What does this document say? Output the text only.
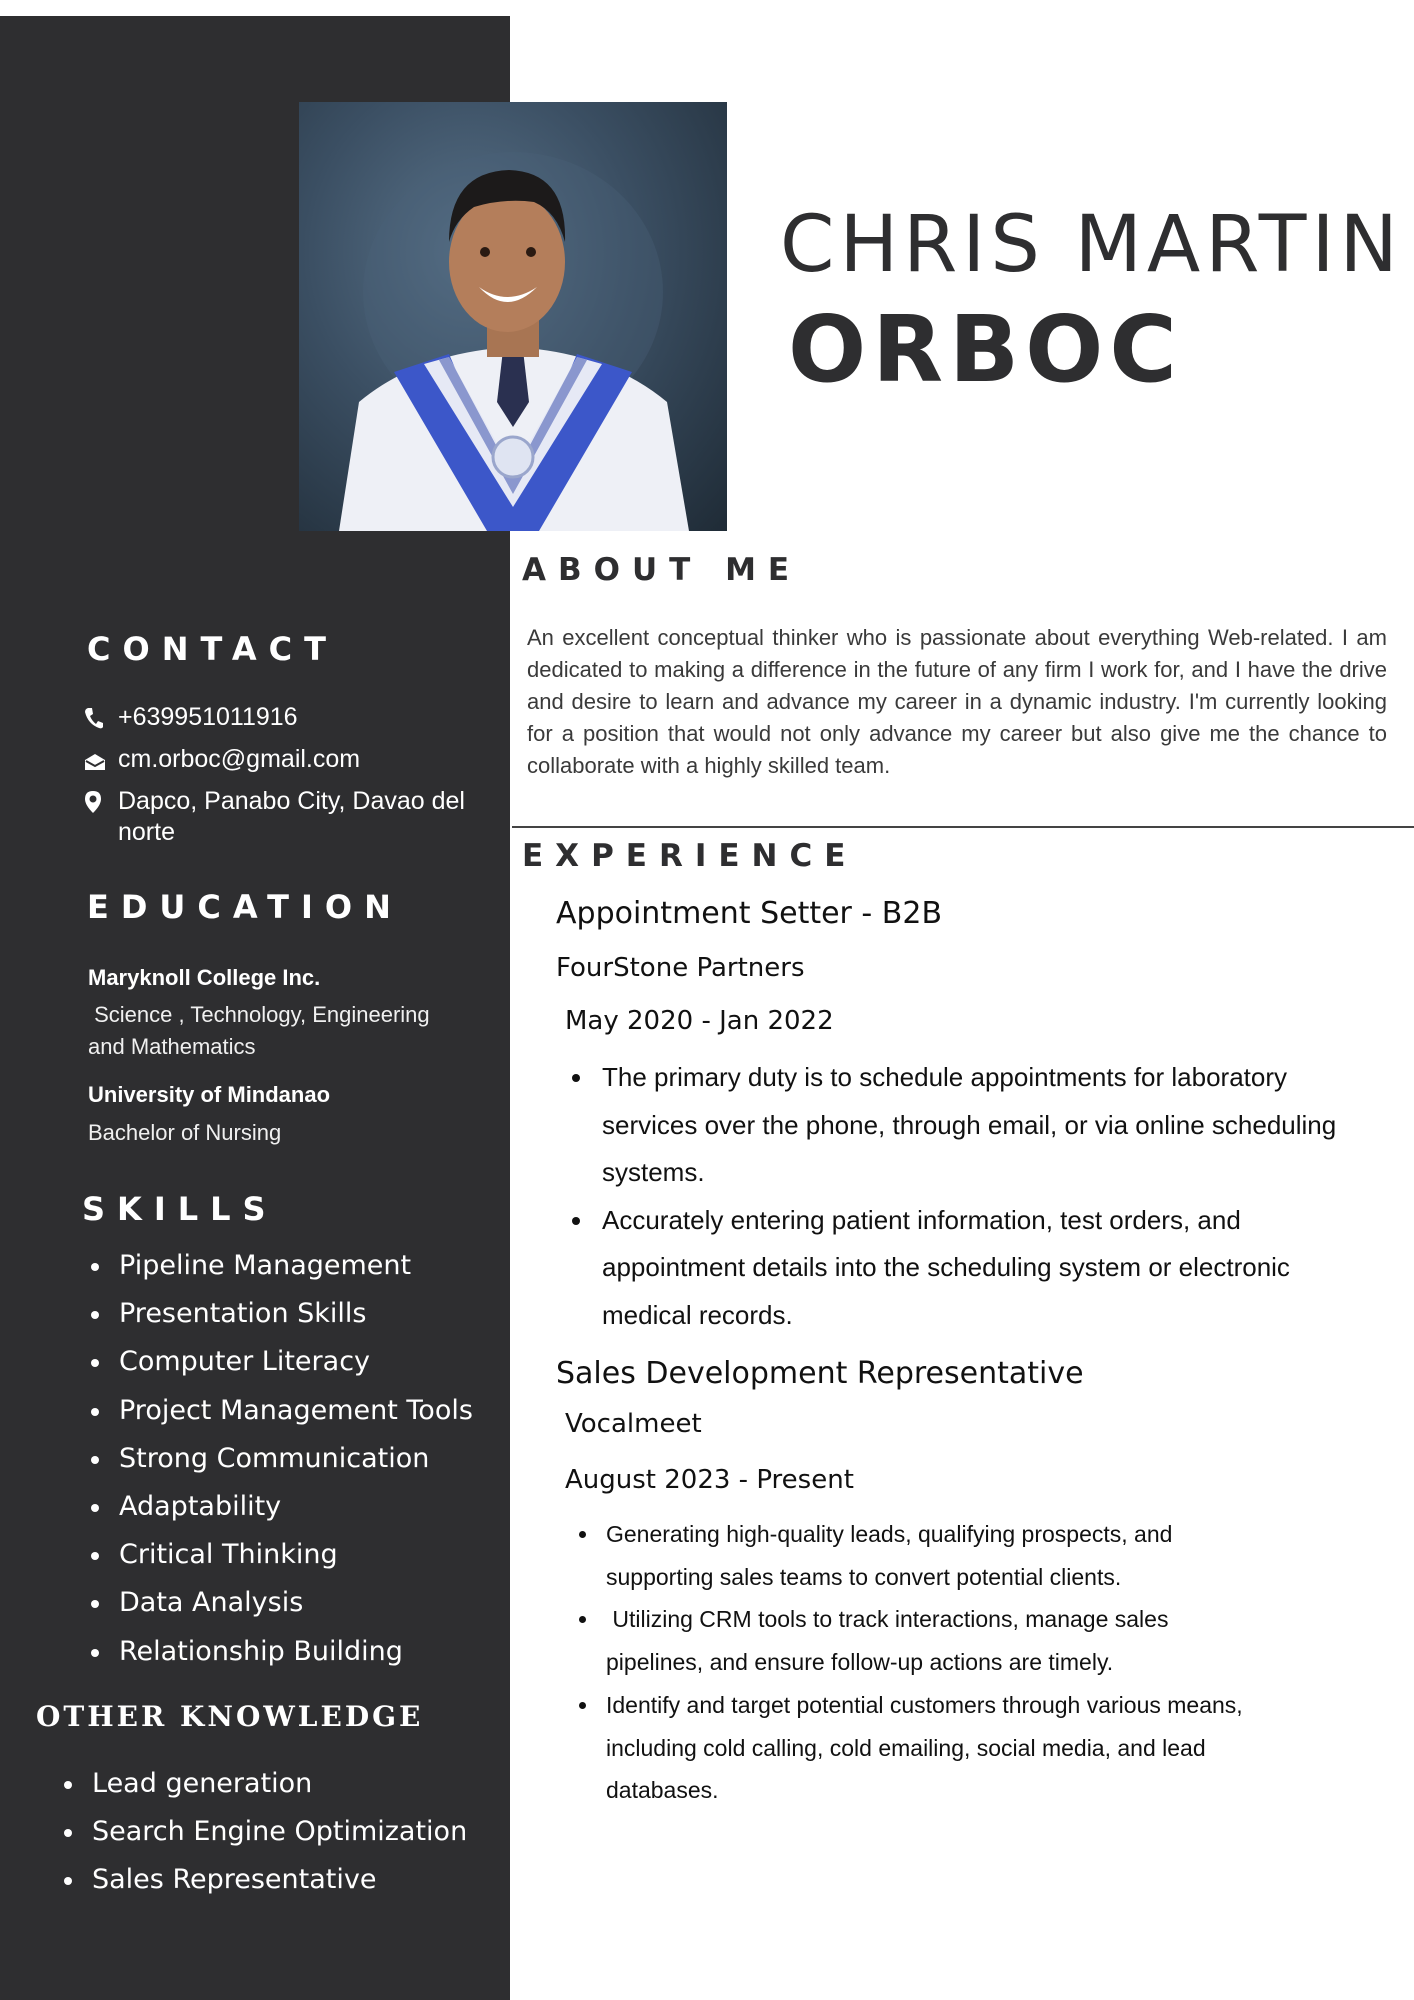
CHRIS MARTIN
ORBOC
ABOUT ME
An excellent conceptual thinker who is passionate about everything Web-related. I am dedicated to making a difference in the future of any firm I work for, and I have the drive and desire to learn and advance my career in a dynamic industry. I'm currently looking for a position that would not only advance my career but also give me the chance to collaborate with a highly skilled team.
CONTACT
+639951011916
cm.orboc@gmail.com
Dapco, Panabo City, Davao del norte
EDUCATION
Maryknoll College Inc.
Science , Technology, Engineering and Mathematics
University of Mindanao
Bachelor of Nursing
SKILLS
Pipeline Management
Presentation Skills
Computer Literacy
Project Management Tools
Strong Communication
Adaptability
Critical Thinking
Data Analysis
Relationship Building
OTHER KNOWLEDGE
Lead generation
Search Engine Optimization
Sales Representative
EXPERIENCE
Appointment Setter - B2B
FourStone Partners
May 2020 - Jan 2022
The primary duty is to schedule appointments for laboratory services over the phone, through email, or via online scheduling systems.
Accurately entering patient information, test orders, and appointment details into the scheduling system or electronic medical records.
Sales Development Representative
Vocalmeet
August 2023 - Present
Generating high-quality leads, qualifying prospects, and supporting sales teams to convert potential clients.
Utilizing CRM tools to track interactions, manage sales pipelines, and ensure follow-up actions are timely.
Identify and target potential customers through various means, including cold calling, cold emailing, social media, and lead databases.
